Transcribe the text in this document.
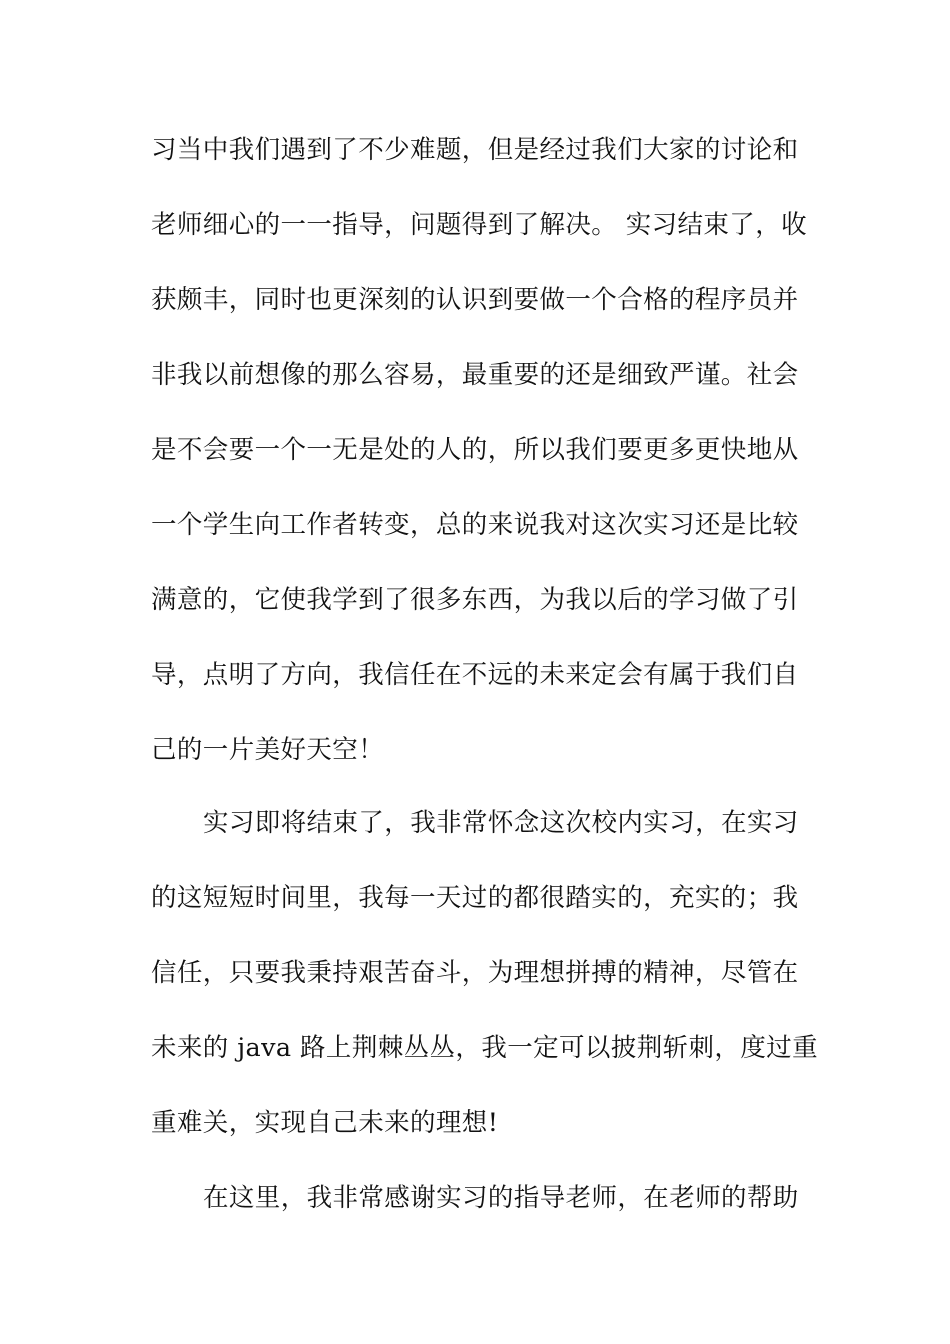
习当中我们遇到了不少难题，但是经过我们大家的讨论和
老师细心的一一指导，问题得到了解决。 实习结束了，收
获颇丰，同时也更深刻的认识到要做一个合格的程序员并
非我以前想像的那么容易，最重要的还是细致严谨。社会
是不会要一个一无是处的人的，所以我们要更多更快地从
一个学生向工作者转变，总的来说我对这次实习还是比较
满意的，它使我学到了很多东西，为我以后的学习做了引
导，点明了方向，我信任在不远的未来定会有属于我们自
己的一片美好天空！
实习即将结束了，我非常怀念这次校内实习，在实习
的这短短时间里，我每一天过的都很踏实的，充实的；我
信任，只要我秉持艰苦奋斗，为理想拼搏的精神，尽管在
未来的 java 路上荆棘丛丛，我一定可以披荆斩刺，度过重
重难关，实现自己未来的理想!
在这里，我非常感谢实习的指导老师，在老师的帮助
